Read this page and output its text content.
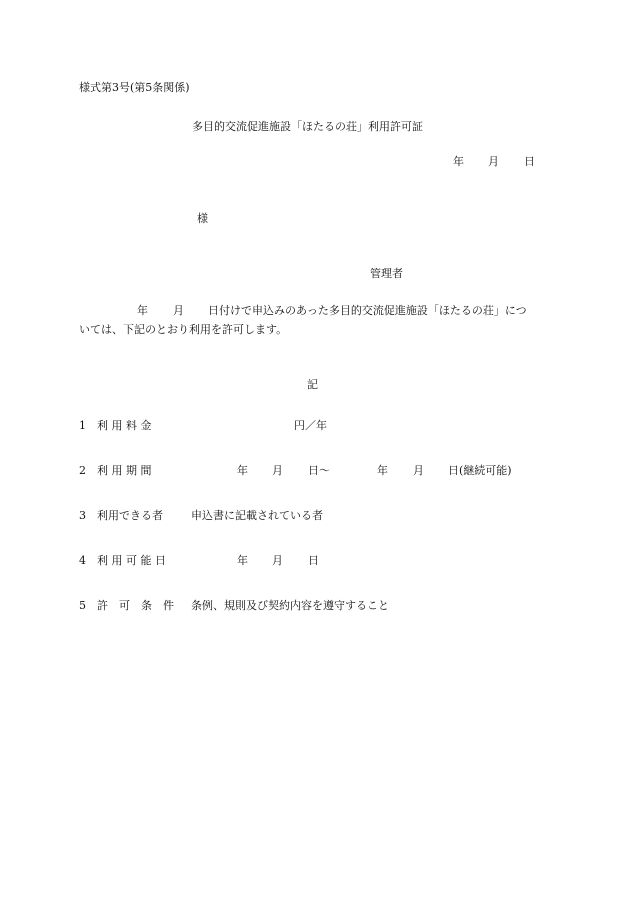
様式第3号(第5条関係)
多目的交流促進施設「ほたるの荘」利用許可証
年 月 日
様
管理者
年 月 日付けで申込みのあった多目的交流促進施設「ほたるの荘」につ
いては、下記のとおり利用を許可します。
記
1 利 用 料 金	円／年
2 利 用 期 間	年 月 日～	年 月 日(継続可能)
3 利用できる者	申込書に記載されている者
4 利 用 可 能 日	年 月 日
5 許　可　条　件 条例、規則及び契約内容を遵守すること
